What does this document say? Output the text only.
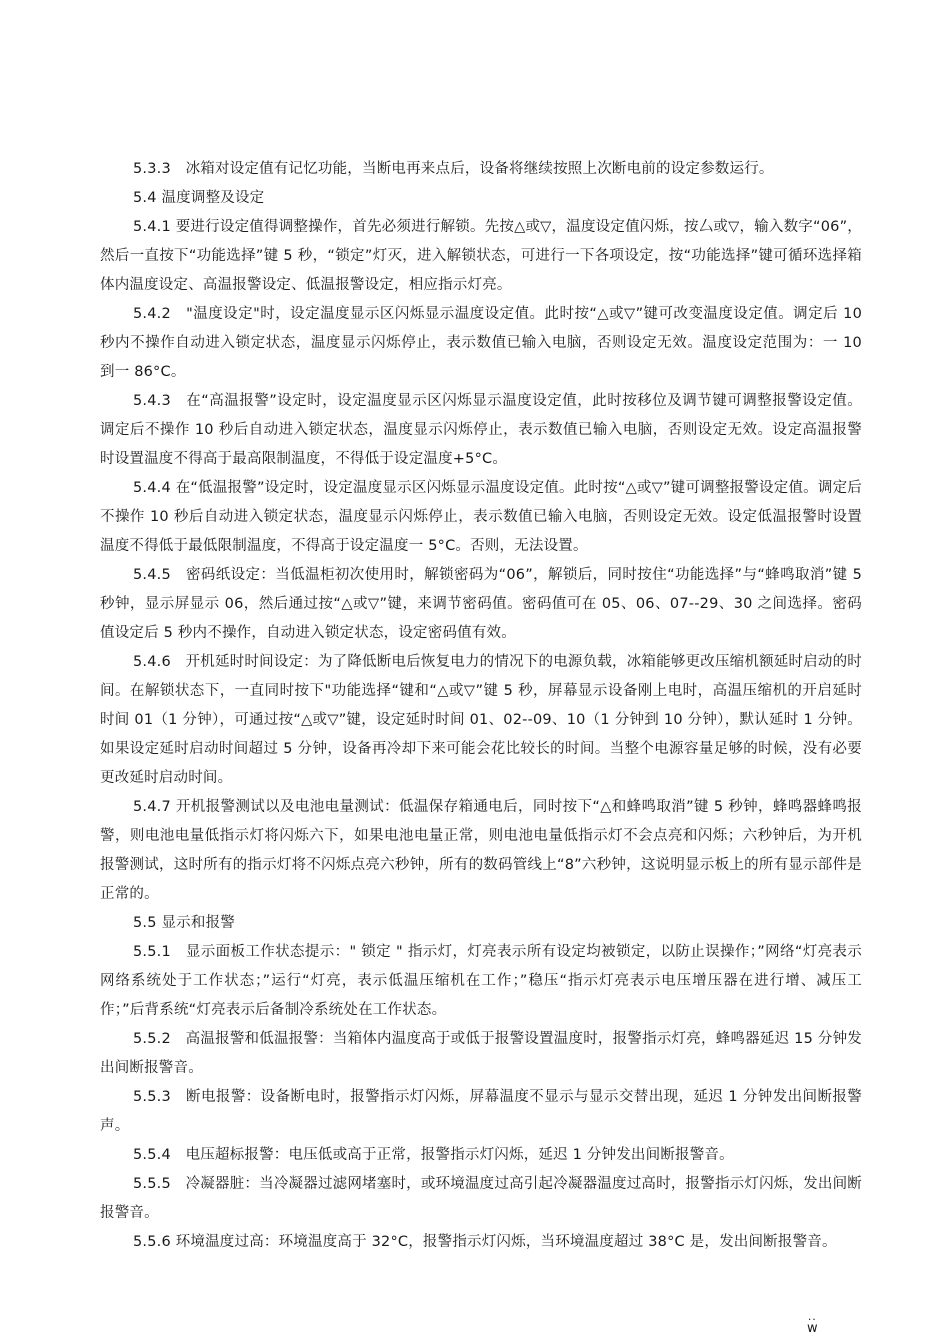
5.3.3　冰箱对设定值有记忆功能，当断电再来点后，设备将继续按照上次断电前的设定参数运行。

5.4 温度调整及设定

5.4.1 要进行设定值得调整操作，首先必须进行解锁。先按△或▽，温度设定值闪烁，按厶或▽，输入数字“06”，然后一直按下“功能选择”键 5 秒，“锁定”灯灭，进入解锁状态，可进行一下各项设定，按“功能选择”键可循环选择箱体内温度设定、高温报警设定、低温报警设定，相应指示灯亮。

5.4.2　"温度设定"时，设定温度显示区闪烁显示温度设定值。此时按“△或▽”键可改变温度设定值。调定后 10 秒内不操作自动进入锁定状态，温度显示闪烁停止，表示数值已输入电脑，否则设定无效。温度设定范围为：一 10 到一 86°C。

5.4.3　在“高温报警”设定时，设定温度显示区闪烁显示温度设定值，此时按移位及调节键可调整报警设定值。调定后不操作 10 秒后自动进入锁定状态，温度显示闪烁停止，表示数值已输入电脑，否则设定无效。设定高温报警时设置温度不得高于最高限制温度，不得低于设定温度+5°C。

5.4.4 在“低温报警”设定时，设定温度显示区闪烁显示温度设定值。此时按“△或▽”键可调整报警设定值。调定后不操作 10 秒后自动进入锁定状态，温度显示闪烁停止，表示数值已输入电脑，否则设定无效。设定低温报警时设置温度不得低于最低限制温度，不得高于设定温度一 5°C。否则，无法设置。

5.4.5　密码纸设定：当低温柜初次使用时，解锁密码为“06”，解锁后，同时按住“功能选择”与“蜂鸣取消”键 5 秒钟，显示屏显示 06，然后通过按“△或▽”键，来调节密码值。密码值可在 05、06、07--29、30 之间选择。密码值设定后 5 秒内不操作，自动进入锁定状态，设定密码值有效。

5.4.6　开机延时时间设定：为了降低断电后恢复电力的情况下的电源负载，冰箱能够更改压缩机额延时启动的时间。在解锁状态下，一直同时按下"功能选择“键和“△或▽”键 5 秒，屏幕显示设备刚上电时，高温压缩机的开启延时时间 01（1 分钟），可通过按“△或▽”键，设定延时时间 01、02--09、10（1 分钟到 10 分钟），默认延时 1 分钟。如果设定延时启动时间超过 5 分钟，设备再冷却下来可能会花比较长的时间。当整个电源容量足够的时候，没有必要更改延时启动时间。

5.4.7 开机报警测试以及电池电量测试：低温保存箱通电后，同时按下“△和蜂鸣取消”键 5 秒钟，蜂鸣器蜂鸣报警，则电池电量低指示灯将闪烁六下，如果电池电量正常，则电池电量低指示灯不会点亮和闪烁；六秒钟后，为开机报警测试，这时所有的指示灯将不闪烁点亮六秒钟，所有的数码管线上“8”六秒钟，这说明显示板上的所有显示部件是正常的。

5.5 显示和报警

5.5.1　显示面板工作状态提示：" 锁定 " 指示灯，灯亮表示所有设定均被锁定，以防止误操作；”网络“灯亮表示网络系统处于工作状态；”运行“灯亮，表示低温压缩机在工作；”稳压“指示灯亮表示电压增压器在进行增、减压工作；”后背系统“灯亮表示后备制冷系统处在工作状态。

5.5.2　高温报警和低温报警：当箱体内温度高于或低于报警设置温度时，报警指示灯亮，蜂鸣器延迟 15 分钟发出间断报警音。

5.5.3　断电报警：设备断电时，报警指示灯闪烁，屏幕温度不显示与显示交替出现，延迟 1 分钟发出间断报警声。

5.5.4　电压超标报警：电压低或高于正常，报警指示灯闪烁，延迟 1 分钟发出间断报警音。

5.5.5　冷凝器脏：当冷凝器过滤网堵塞时，或环境温度过高引起冷凝器温度过高时，报警指示灯闪烁，发出间断报警音。

5.5.6 环境温度过高：环境温度高于 32°C，报警指示灯闪烁，当环境温度超过 38°C 是，发出间断报警音。

..
w
